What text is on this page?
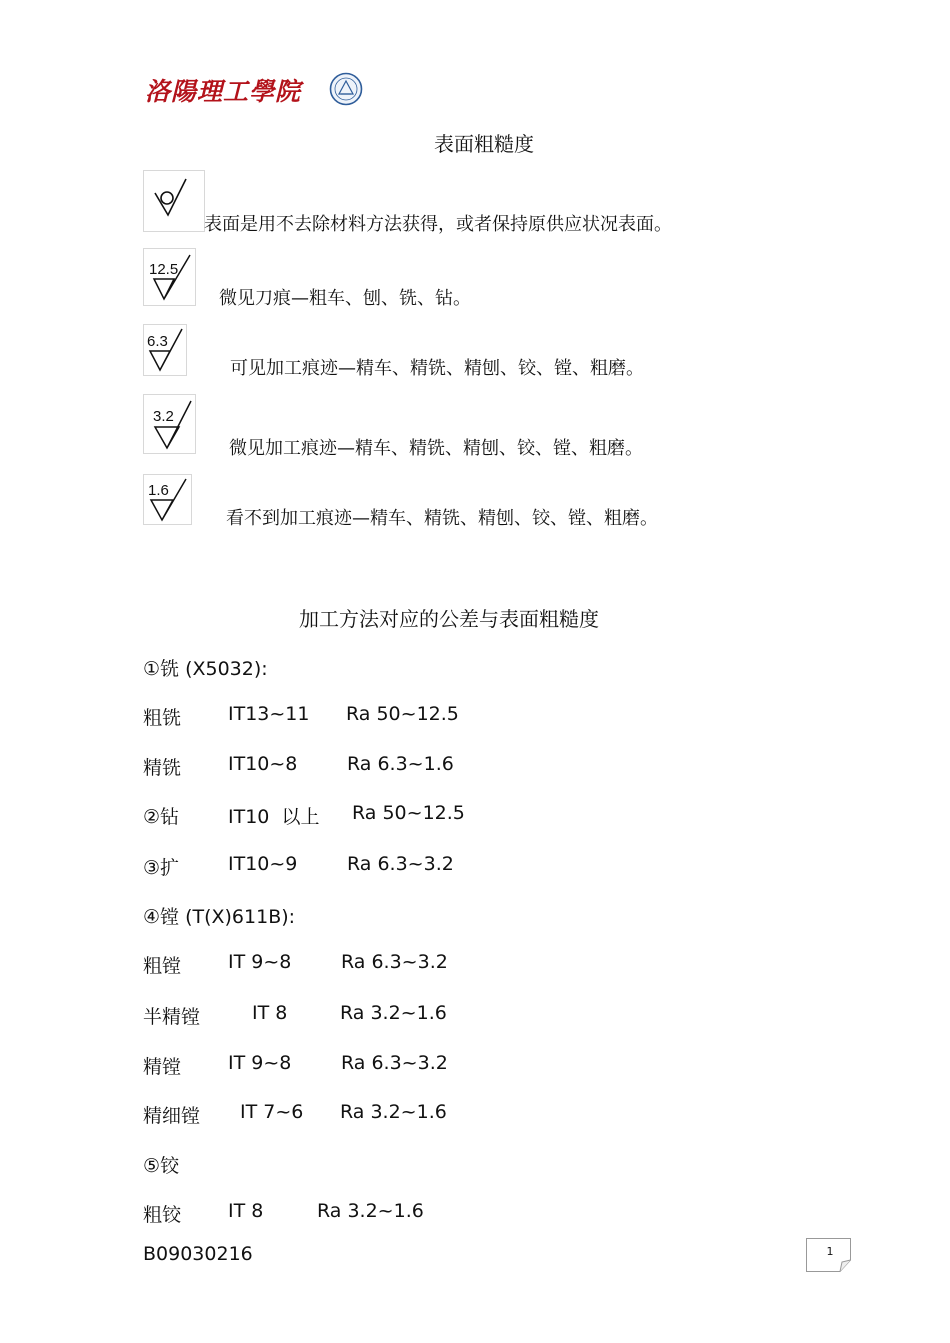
洛陽理工學院
表面粗糙度
表面是用不去除材料方法获得，或者保持原供应状况表面。
12.5
微见刀痕—粗车、刨、铣、钻。
6.3
可见加工痕迹—精车、精铣、精刨、铰、镗、粗磨。
3.2
微见加工痕迹—精车、精铣、精刨、铰、镗、粗磨。
1.6
看不到加工痕迹—精车、精铣、精刨、铰、镗、粗磨。
加工方法对应的公差与表面粗糙度
①铣 (X5032):
粗铣 IT13~11 Ra 50~12.5
精铣 IT10~8	Ra 6.3~1.6
②钻	IT10  以上 Ra 50~12.5
③扩	IT10~9	Ra 6.3~3.2
④镗 (T(X)611B):
粗镗 IT 9~8	Ra 6.3~3.2
半精镗	IT 8	Ra 3.2~1.6
精镗 IT 9~8	Ra 6.3~3.2
精细镗 IT 7~6 Ra 3.2~1.6
⑤铰
粗铰 IT 8	Ra 3.2~1.6
B09030216	1
